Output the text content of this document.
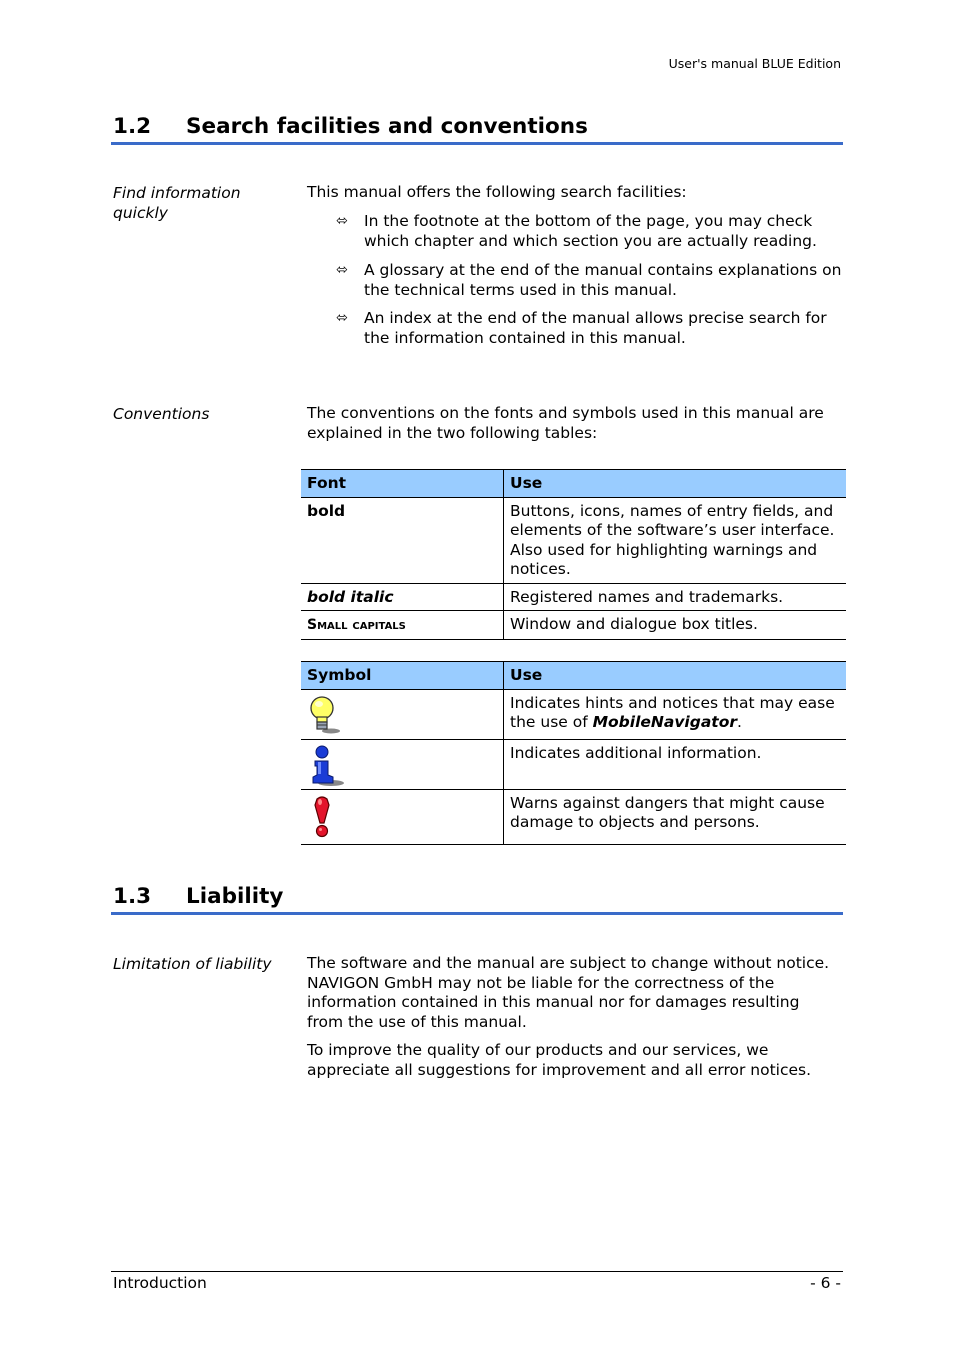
User's manual BLUE Edition
1.2 Search facilities and conventions
Find information quickly
This manual offers the following search facilities:
⬄	In the footnote at the bottom of the page, you may check which chapter and which section you are actually reading.
⬄	A glossary at the end of the manual contains explanations on the technical terms used in this manual.
⬄	An index at the end of the manual allows precise search for the information contained in this manual.
Conventions	The conventions on the fonts and symbols used in this manual are explained in the two following tables:
Font	Use
bold	Buttons, icons, names of entry fields, and elements of the software’s user interface. Also used for highlighting warnings and notices.
bold italic	Registered names and trademarks.
Small capitals	Window and dialogue box titles.
Symbol	Use

	Indicates hints and notices that may ease the use of MobileNavigator.

	Indicates additional information.

	Warns against dangers that might cause damage to objects and persons.
1.3 Liability
Limitation of liability	The software and the manual are subject to change without notice. NAVIGON GmbH may not be liable for the correctness of the information contained in this manual nor for damages resulting from the use of this manual.
To improve the quality of our products and our services, we appreciate all suggestions for improvement and all error notices.
Introduction	- 6 -
